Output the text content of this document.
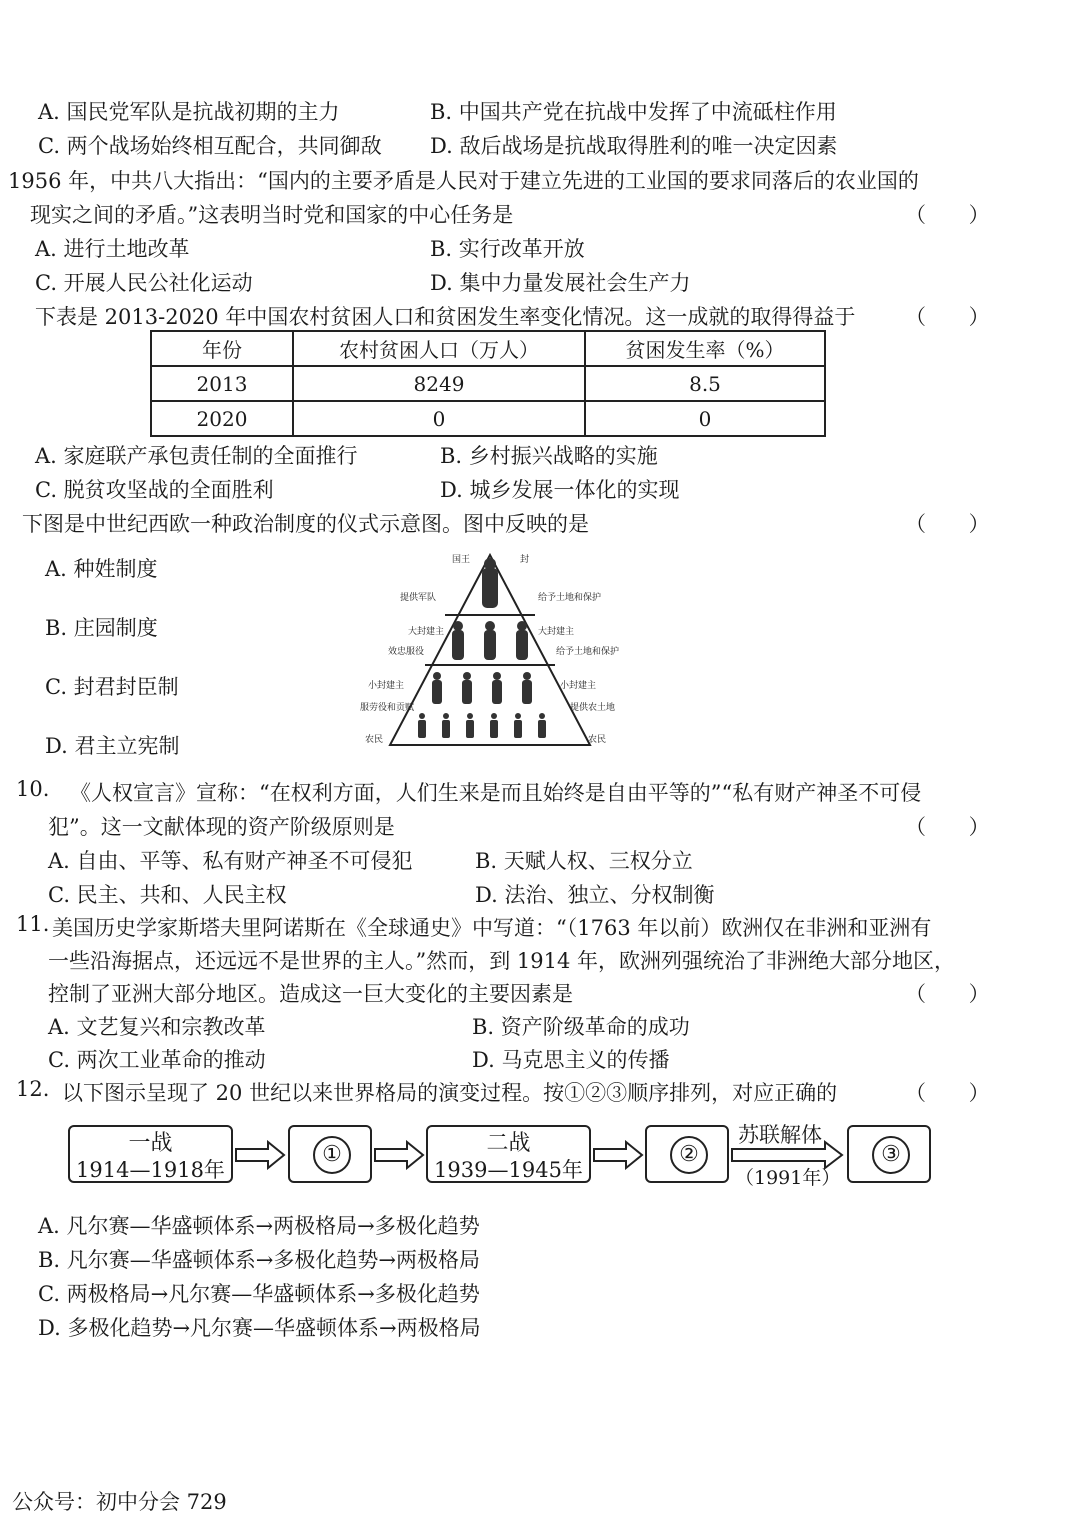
A. 国民党军队是抗战初期的主力	B. 中国共产党在抗战中发挥了中流砥柱作用
C. 两个战场始终相互配合，共同御敌 D. 敌后战场是抗战取得胜利的唯一决定因素
1956 年，中共八大指出：“国内的主要矛盾是人民对于建立先进的工业国的要求同落后的农业国的
现实之间的矛盾。”这表明当时党和国家的中心任务是	（ ）
A. 进行土地改革	B. 实行改革开放
C. 开展人民公社化运动	D. 集中力量发展社会生产力
下表是 2013-2020 年中国农村贫困人口和贫困发生率变化情况。这一成就的取得得益于 （ ）
年份	农村贫困人口（万人）	贫困发生率（%）
2013	8249	8.5
2020	0	0
A. 家庭联产承包责任制的全面推行	B. 乡村振兴战略的实施
C. 脱贫攻坚战的全面胜利	D. 城乡发展一体化的实现
下图是中世纪西欧一种政治制度的仪式示意图。图中反映的是	（ ）
A. 种姓制度
B. 庄园制度
C. 封君封臣制
D. 君主立宪制
国王	封
提供军队	给予土地和保护
大封建主	大封建主
效忠服役	给予土地和保护
小封建主	小封建主
服劳役和贡赋	提供农土地
农民	农民
10. 《人权宣言》宣称：“在权利方面，人们生来是而且始终是自由平等的”“私有财产神圣不可侵
犯”。这一文献体现的资产阶级原则是	（ ）
A. 自由、平等、私有财产神圣不可侵犯	B. 天赋人权、三权分立
C. 民主、共和、人民主权	D. 法治、独立、分权制衡
11. 美国历史学家斯塔夫里阿诺斯在《全球通史》中写道：“（1763 年以前）欧洲仅在非洲和亚洲有
一些沿海据点，还远远不是世界的主人。”然而，到 1914 年，欧洲列强统治了非洲绝大部分地区，
控制了亚洲大部分地区。造成这一巨大变化的主要因素是	（ ）
A. 文艺复兴和宗教改革	B. 资产阶级革命的成功
C. 两次工业革命的推动	D. 马克思主义的传播
12. 以下图示呈现了 20 世纪以来世界格局的演变过程。按①②③顺序排列，对应正确的	（ ）
一战
1914—1918年
①	二战
1939—1945年
②
苏联解体
（1991年）
③
A. 凡尔赛—华盛顿体系→两极格局→多极化趋势
B. 凡尔赛—华盛顿体系→多极化趋势→两极格局
C. 两极格局→凡尔赛—华盛顿体系→多极化趋势
D. 多极化趋势→凡尔赛—华盛顿体系→两极格局
公众号：初中分会 729
